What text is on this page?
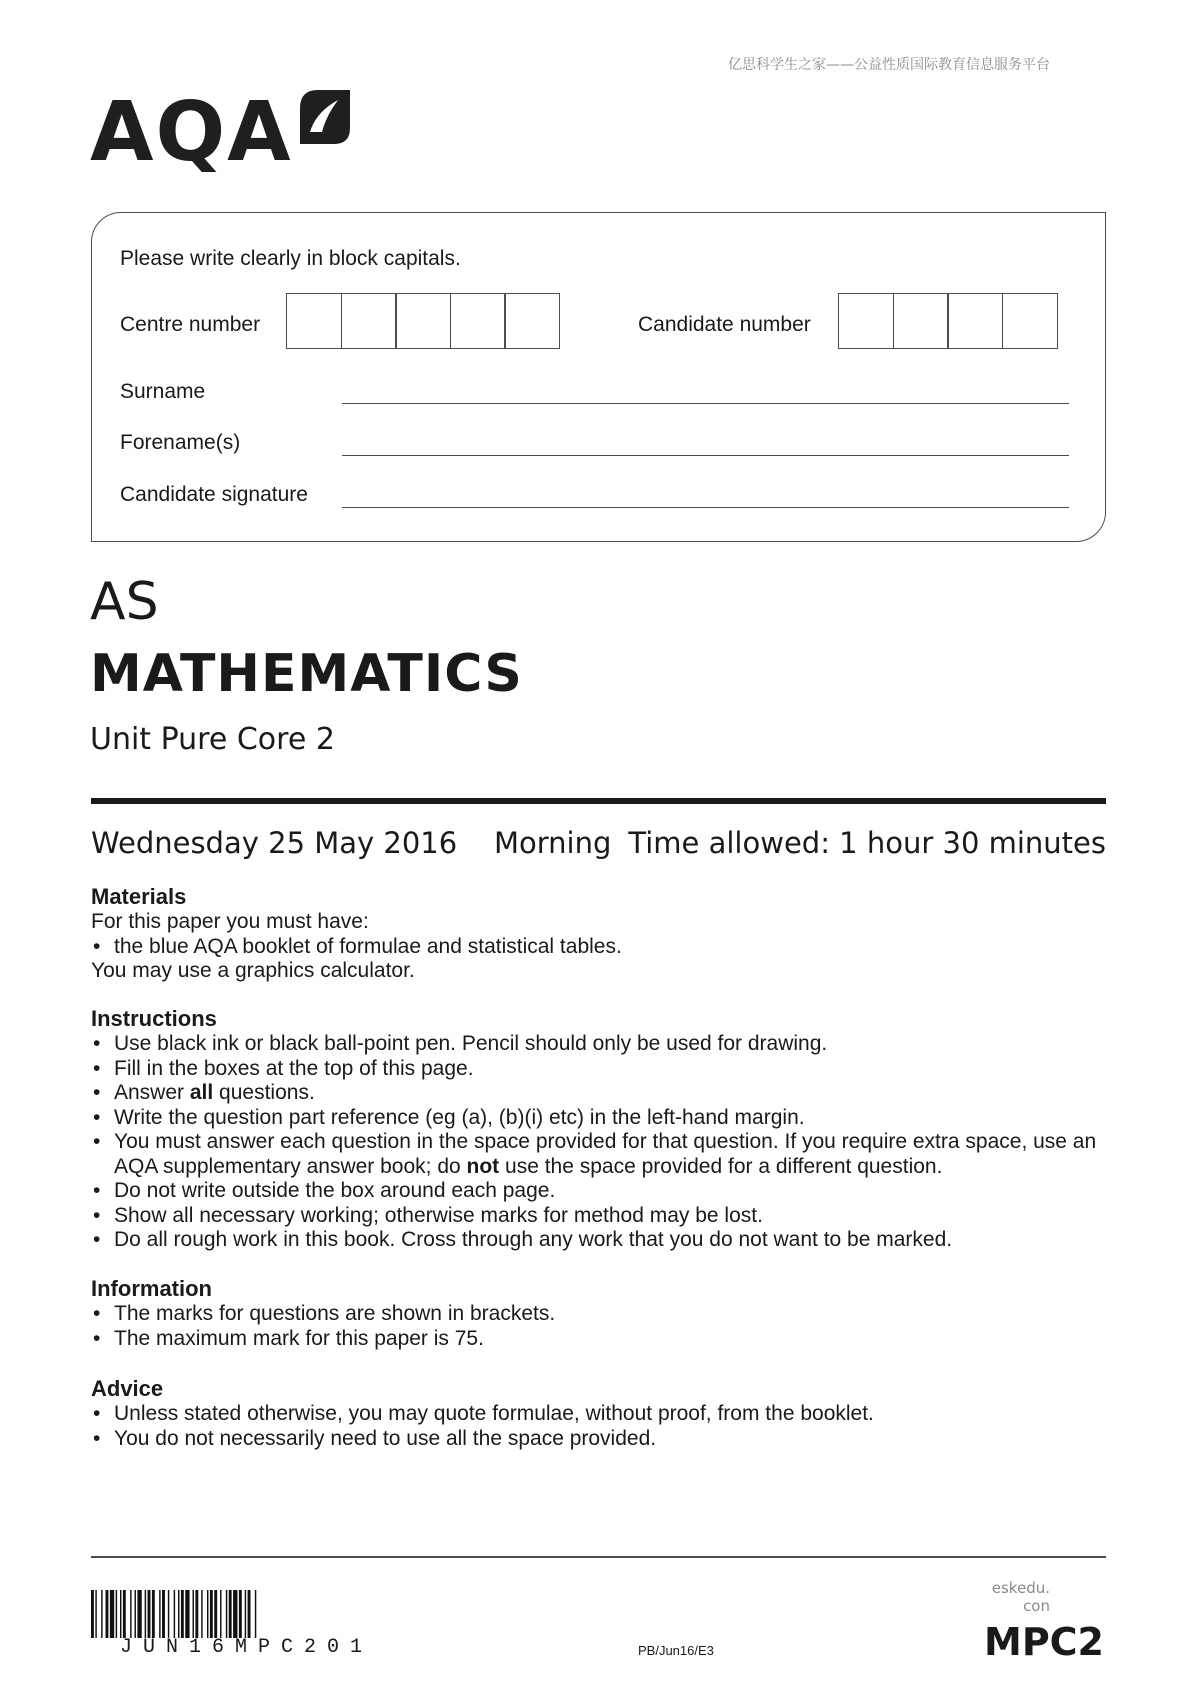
亿思科学生之家——公益性质国际教育信息服务平台
AQA
Please write clearly in block capitals.
Centre number	Candidate number
Surname
Forename(s)
Candidate signature
AS
MATHEMATICS
Unit Pure Core 2
Wednesday 25 May 2016 Morning Time allowed: 1 hour 30 minutes
Materials

For this paper you must have:

• the blue AQA booklet of formulae and statistical tables.

You may use a graphics calculator.

Instructions
• Use black ink or black ball-point pen. Pencil should only be used for drawing.
• Fill in the boxes at the top of this page.
• Answer all questions.
• Write the question part reference (eg (a), (b)(i) etc) in the left-hand margin.
• You must answer each question in the space provided for that question. If you require extra space, use an AQA supplementary answer book; do not use the space provided for a different question.
• Do not write outside the box around each page.
• Show all necessary working; otherwise marks for method may be lost.
• Do all rough work in this book. Cross through any work that you do not want to be marked.
Information
• The marks for questions are shown in brackets.
• The maximum mark for this paper is 75.
Advice
• Unless stated otherwise, you may quote formulae, without proof, from the booklet.
• You do not necessarily need to use all the space provided.
JUN16MPC201	PB/Jun16/E3
eskedu. con
MPC2
